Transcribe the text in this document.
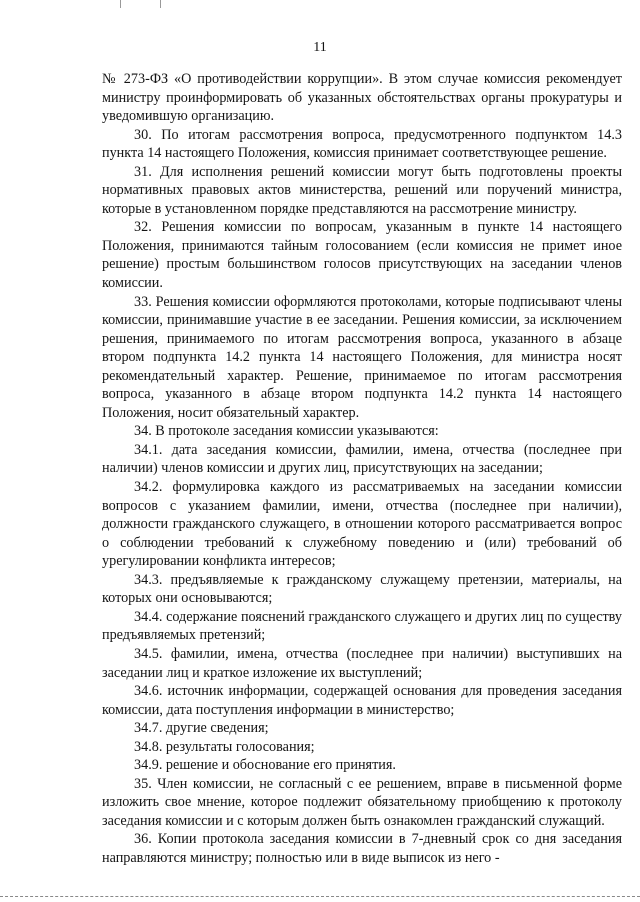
11

№ 273-ФЗ «О противодействии коррупции». В этом случае комиссия рекомендует министру проинформировать об указанных обстоятельствах органы прокуратуры и уведомившую организацию.

30. По итогам рассмотрения вопроса, предусмотренного подпунктом 14.3 пункта 14 настоящего Положения, комиссия принимает соответствующее решение.

31. Для исполнения решений комиссии могут быть подготовлены проекты нормативных правовых актов министерства, решений или поручений министра, которые в установленном порядке представляются на рассмотрение министру.

32. Решения комиссии по вопросам, указанным в пункте 14 настоящего Положения, принимаются тайным голосованием (если комиссия не примет иное решение) простым большинством голосов присутствующих на заседании членов комиссии.

33. Решения комиссии оформляются протоколами, которые подписывают члены комиссии, принимавшие участие в ее заседании. Решения комиссии, за исключением решения, принимаемого по итогам рассмотрения вопроса, указанного в абзаце втором подпункта 14.2 пункта 14 настоящего Положения, для министра носят рекомендательный характер. Решение, принимаемое по итогам рассмотрения вопроса, указанного в абзаце втором подпункта 14.2 пункта 14 настоящего Положения, носит обязательный характер.

34. В протоколе заседания комиссии указываются:

34.1. дата заседания комиссии, фамилии, имена, отчества (последнее при наличии) членов комиссии и других лиц, присутствующих на заседании;

34.2. формулировка каждого из рассматриваемых на заседании комиссии вопросов с указанием фамилии, имени, отчества (последнее при наличии), должности гражданского служащего, в отношении которого рассматривается вопрос о соблюдении требований к служебному поведению и (или) требований об урегулировании конфликта интересов;

34.3. предъявляемые к гражданскому служащему претензии, материалы, на которых они основываются;

34.4. содержание пояснений гражданского служащего и других лиц по существу предъявляемых претензий;

34.5. фамилии, имена, отчества (последнее при наличии) выступивших на заседании лиц и краткое изложение их выступлений;

34.6. источник информации, содержащей основания для проведения заседания комиссии, дата поступления информации в министерство;

34.7. другие сведения;

34.8. результаты голосования;

34.9. решение и обоснование его принятия.

35. Член комиссии, не согласный с ее решением, вправе в письменной форме изложить свое мнение, которое подлежит обязательному приобщению к протоколу заседания комиссии и с которым должен быть ознакомлен гражданский служащий.

36. Копии протокола заседания комиссии в 7-дневный срок со дня заседания направляются министру; полностью или в виде выписок из него -
